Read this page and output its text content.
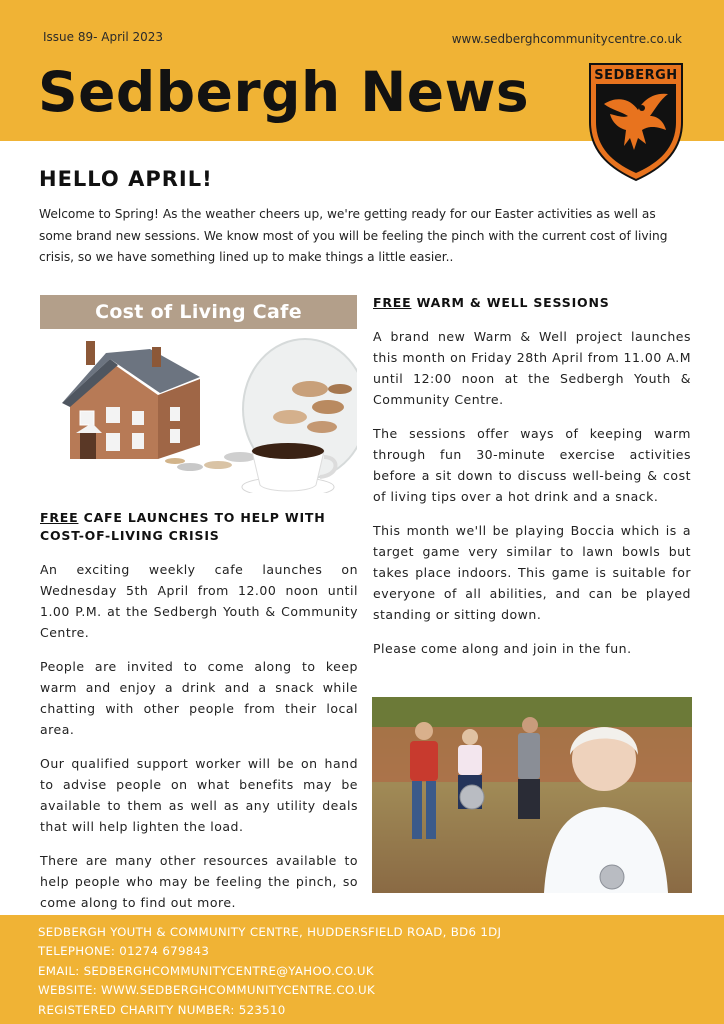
Issue 89- April 2023	www.sedberghcommunitycentre.co.uk
Sedbergh News	SEDBERGH
HELLO APRIL!
Welcome to Spring! As the weather cheers up, we're getting ready for our Easter activities as well as some brand new sessions. We know most of you will be feeling the pinch with the current cost of living crisis, so we have something lined up to make things a little easier..
Cost of Living Cafe
FREE CAFE LAUNCHES TO HELP WITH COST-OF-LIVING CRISIS

An exciting weekly cafe launches on Wednesday 5th April from 12.00 noon until 1.00 P.M. at the Sedbergh Youth & Community Centre.

People are invited to come along to keep warm and enjoy a drink and a snack while chatting with other people from their local area.

Our qualified support worker will be on hand to advise people on what benefits may be available to them as well as any utility deals that will help lighten the load.

There are many other resources available to help people who may be feeling the pinch, so come along to find out more.

FREE WARM & WELL SESSIONS

A brand new Warm & Well project launches this month on Friday 28th April from 11.00 A.M until 12:00 noon at the Sedbergh Youth & Community Centre.

The sessions offer ways of keeping warm through fun 30-minute exercise activities before a sit down to discuss well-being & cost of living tips over a hot drink and a snack.

This month we'll be playing Boccia which is a target game very similar to lawn bowls but takes place indoors. This game is suitable for everyone of all abilities, and can be played standing or sitting down.

Please come along and join in the fun.

SEDBERGH YOUTH & COMMUNITY CENTRE, HUDDERSFIELD ROAD, BD6 1DJ
TELEPHONE: 01274 679843
EMAIL: SEDBERGHCOMMUNITYCENTRE@YAHOO.CO.UK
WEBSITE: WWW.SEDBERGHCOMMUNITYCENTRE.CO.UK
REGISTERED CHARITY NUMBER: 523510
